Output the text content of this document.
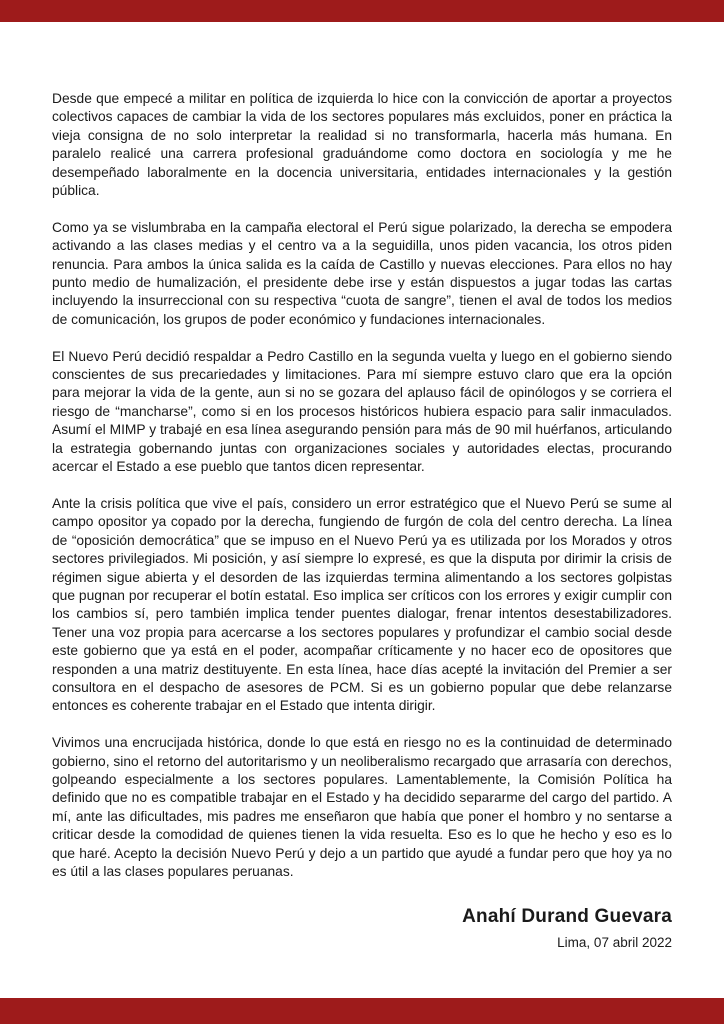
Desde que empecé a militar en política de izquierda lo hice con la convicción de aportar a proyectos colectivos capaces de cambiar la vida de los sectores populares más excluidos, poner en práctica la vieja consigna de no solo interpretar la realidad si no transformarla, hacerla más humana. En paralelo realicé una carrera profesional graduándome como doctora en sociología y me he desempeñado laboralmente en la docencia universitaria, entidades internacionales y la gestión pública.

Como ya se vislumbraba en la campaña electoral el Perú sigue polarizado, la derecha se empodera activando a las clases medias y el centro va a la seguidilla, unos piden vacancia, los otros piden renuncia. Para ambos la única salida es la caída de Castillo y nuevas elecciones. Para ellos no hay punto medio de humalización, el presidente debe irse y están dispuestos a jugar todas las cartas incluyendo la insurreccional con su respectiva “cuota de sangre”, tienen el aval de todos los medios de comunicación, los grupos de poder económico y fundaciones internacionales.

El Nuevo Perú decidió respaldar a Pedro Castillo en la segunda vuelta y luego en el gobierno siendo conscientes de sus precariedades y limitaciones. Para mí siempre estuvo claro que era la opción para mejorar la vida de la gente, aun si no se gozara del aplauso fácil de opinólogos y se corriera el riesgo de “mancharse”, como si en los procesos históricos hubiera espacio para salir inmaculados. Asumí el MIMP y trabajé en esa línea asegurando pensión para más de 90 mil huérfanos, articulando la estrategia gobernando juntas con organizaciones sociales y autoridades electas, procurando acercar el Estado a ese pueblo que tantos dicen representar.

Ante la crisis política que vive el país, considero un error estratégico que el Nuevo Perú se sume al campo opositor ya copado por la derecha, fungiendo de furgón de cola del centro derecha. La línea de “oposición democrática” que se impuso en el Nuevo Perú ya es utilizada por los Morados y otros sectores privilegiados. Mi posición, y así siempre lo expresé, es que la disputa por dirimir la crisis de régimen sigue abierta y el desorden de las izquierdas termina alimentando a los sectores golpistas que pugnan por recuperar el botín estatal. Eso implica ser críticos con los errores y exigir cumplir con los cambios sí, pero también implica tender puentes dialogar, frenar intentos desestabilizadores. Tener una voz propia para acercarse a los sectores populares y profundizar el cambio social desde este gobierno que ya está en el poder, acompañar críticamente y no hacer eco de opositores que responden a una matriz destituyente. En esta línea, hace días acepté la invitación del Premier a ser consultora en el despacho de asesores de PCM. Si es un gobierno popular que debe relanzarse entonces es coherente trabajar en el Estado que intenta dirigir.

Vivimos una encrucijada histórica, donde lo que está en riesgo no es la continuidad de determinado gobierno, sino el retorno del autoritarismo y un neoliberalismo recargado que arrasaría con derechos, golpeando especialmente a los sectores populares. Lamentablemente, la Comisión Política ha definido que no es compatible trabajar en el Estado y ha decidido separarme del cargo del partido. A mí, ante las dificultades, mis padres me enseñaron que había que poner el hombro y no sentarse a criticar desde la comodidad de quienes tienen la vida resuelta. Eso es lo que he hecho y eso es lo que haré. Acepto la decisión Nuevo Perú y dejo a un partido que ayudé a fundar pero que hoy ya no es útil a las clases populares peruanas.

Anahí Durand Guevara
Lima, 07 abril 2022
